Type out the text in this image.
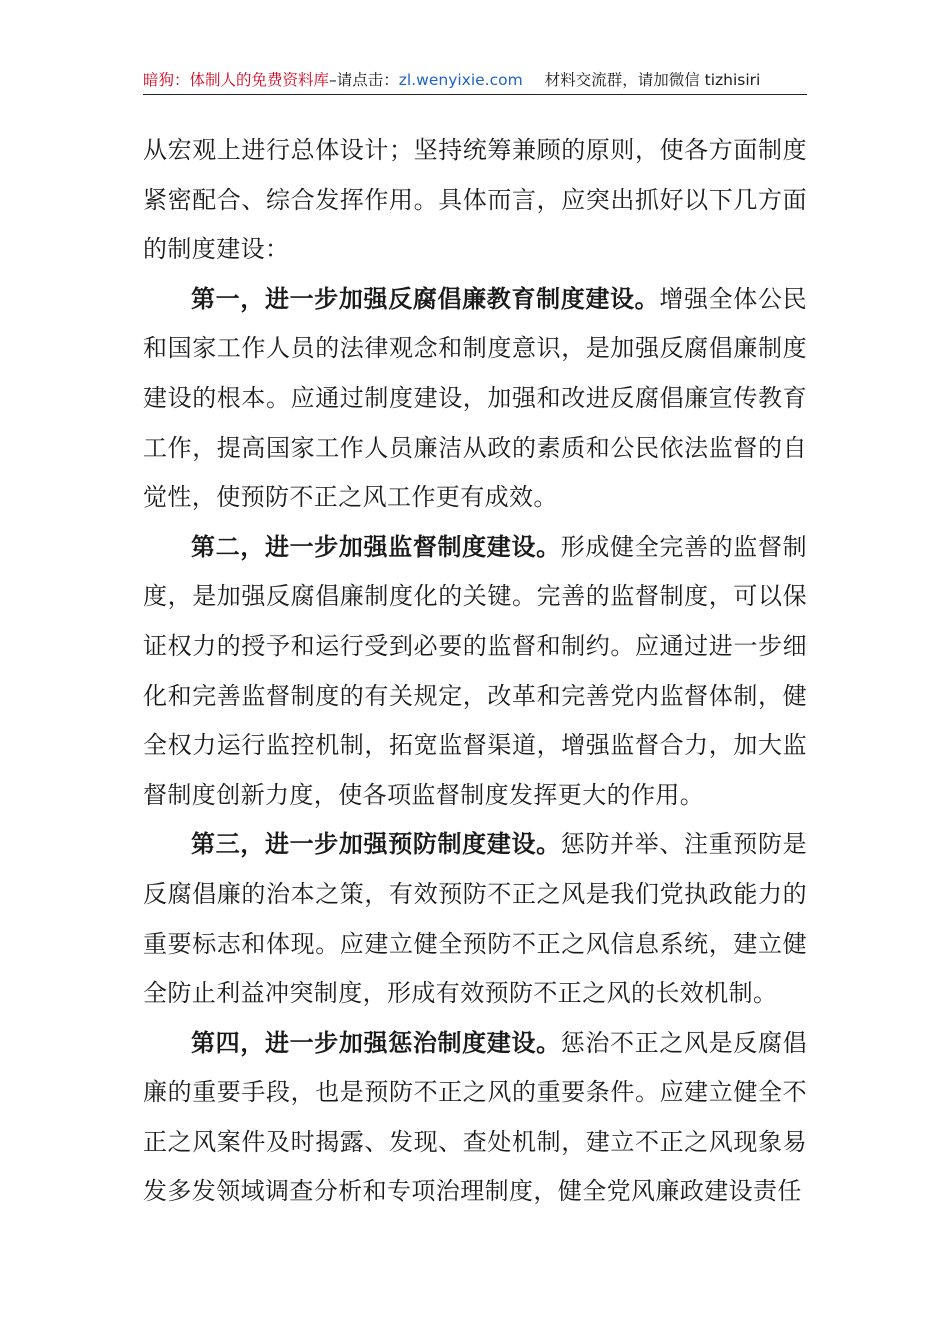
暗狗：体制人的免费资料库–请点击：zl.wenyixie.com 材料交流群，请加微信 tizhisiri

从宏观上进行总体设计；坚持统筹兼顾的原则，使各方面制度紧密配合、综合发挥作用。具体而言，应突出抓好以下几方面的制度建设：

第一，进一步加强反腐倡廉教育制度建设。增强全体公民和国家工作人员的法律观念和制度意识，是加强反腐倡廉制度建设的根本。应通过制度建设，加强和改进反腐倡廉宣传教育工作，提高国家工作人员廉洁从政的素质和公民依法监督的自觉性，使预防不正之风工作更有成效。

第二，进一步加强监督制度建设。形成健全完善的监督制度，是加强反腐倡廉制度化的关键。完善的监督制度，可以保证权力的授予和运行受到必要的监督和制约。应通过进一步细化和完善监督制度的有关规定，改革和完善党内监督体制，健全权力运行监控机制，拓宽监督渠道，增强监督合力，加大监督制度创新力度，使各项监督制度发挥更大的作用。

第三，进一步加强预防制度建设。惩防并举、注重预防是反腐倡廉的治本之策，有效预防不正之风是我们党执政能力的重要标志和体现。应建立健全预防不正之风信息系统，建立健全防止利益冲突制度，形成有效预防不正之风的长效机制。

第四，进一步加强惩治制度建设。惩治不正之风是反腐倡廉的重要手段，也是预防不正之风的重要条件。应建立健全不正之风案件及时揭露、发现、查处机制，建立不正之风现象易发多发领域调查分析和专项治理制度，健全党风廉政建设责任
